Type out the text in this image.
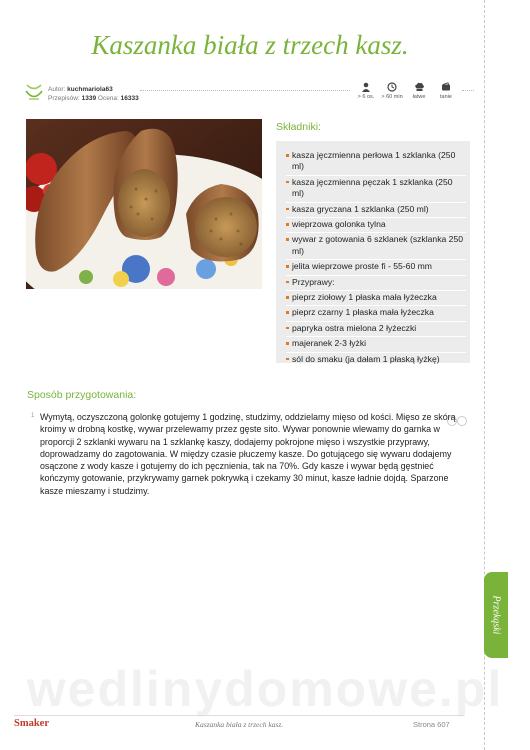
Kaszanka biała z trzech kasz.
Autor: kuchmariola63
Przepisów: 1339 Ocena: 16333	> 6 os.	> 60 min	łatwe	tanie
Składniki:
kasza jęczmienna perłowa 1 szklanka (250 ml)
kasza jęczmienna pęczak 1 szklanka (250 ml)
kasza gryczana 1 szklanka (250 ml)
wieprzowa golonka tylna
wywar z gotowania 6 szklanek (szklanka 250 ml)
jelita wieprzowe proste fi - 55-60 mm
Przyprawy:
pieprz ziołowy 1 płaska mała łyżeczka
pieprz czarny 1 płaska mała łyżeczka
papryka ostra mielona 2 łyżeczki
majeranek 2-3 łyżki
sól do smaku (ja dałam 1 płaską łyżkę)
Sposób przygotowania:
1 Wymytą, oczyszczoną golonkę gotujemy 1 godzinę, studzimy, oddzielamy mięso od kości. Mięso ze skórą kroimy w drobną kostkę, wywar przelewamy przez gęste sito. Wywar ponownie wlewamy do garnka w proporcji 2 szklanki wywaru na 1 szklankę kaszy, dodajemy pokrojone mięso i wszystkie przyprawy, doprowadzamy do zagotowania. W między czasie płuczemy kasze. Do gotującego się wywaru dodajemy osączone z wody kasze i gotujemy do ich pęcznienia, tak na 70%. Gdy kasze i wywar będą gęstnieć kończymy gotowanie, przykrywamy garnek pokrywką i czekamy 30 minut, kasze ładnie dojdą. Sparzone kasze mieszamy i studzimy.

Przekąski
wedlinydomowe.pl
Smaker	Kaszanka biała z trzech kasz.	Strona 607
